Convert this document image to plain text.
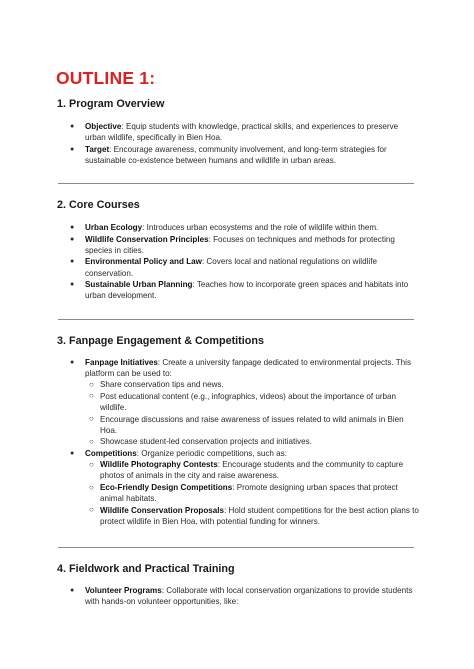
OUTLINE 1:
1. Program Overview
● Objective: Equip students with knowledge, practical skills, and experiences to preserve urban wildlife, specifically in Bien Hoa.
● Target: Encourage awareness, community involvement, and long-term strategies for sustainable co-existence between humans and wildlife in urban areas.
2. Core Courses
● Urban Ecology: Introduces urban ecosystems and the role of wildlife within them.
● Wildlife Conservation Principles: Focuses on techniques and methods for protecting species in cities.
● Environmental Policy and Law: Covers local and national regulations on wildlife conservation.
● Sustainable Urban Planning: Teaches how to incorporate green spaces and habitats into urban development.
3. Fanpage Engagement & Competitions
● Fanpage Initiatives: Create a university fanpage dedicated to environmental projects. This platform can be used to:
○ Share conservation tips and news.
○ Post educational content (e.g., infographics, videos) about the importance of urban wildlife.
○ Encourage discussions and raise awareness of issues related to wild animals in Bien Hoa.
○ Showcase student-led conservation projects and initiatives.
● Competitions: Organize periodic competitions, such as:
○ Wildlife Photography Contests: Encourage students and the community to capture photos of animals in the city and raise awareness.
○ Eco-Friendly Design Competitions: Promote designing urban spaces that protect animal habitats.
○ Wildlife Conservation Proposals: Hold student competitions for the best action plans to protect wildlife in Bien Hoa, with potential funding for winners.
4. Fieldwork and Practical Training
● Volunteer Programs: Collaborate with local conservation organizations to provide students with hands-on volunteer opportunities, like:
